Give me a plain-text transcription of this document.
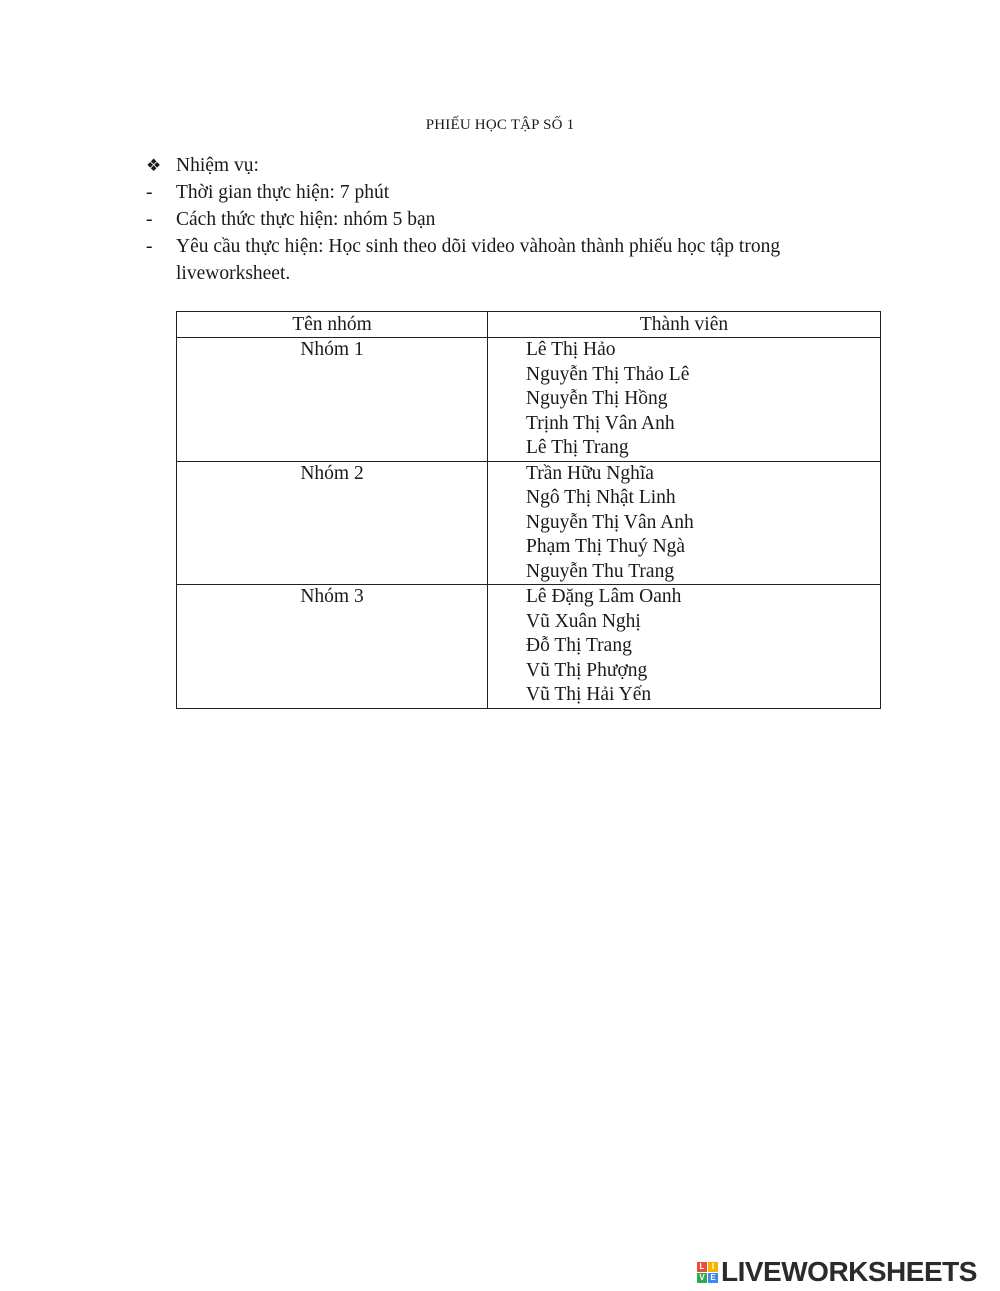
PHIẾU HỌC TẬP SỐ 1
❖ Nhiệm vụ:
-	Thời gian thực hiện: 7 phút
-	Cách thức thực hiện: nhóm 5 bạn
-	Yêu cầu thực hiện: Học sinh theo dõi video vàhoàn thành phiếu học tập trong liveworksheet.
Tên nhóm	Thành viên
Nhóm 1	Lê Thị Hảo
Nguyễn Thị Thảo Lê
Nguyễn Thị Hồng
Trịnh Thị Vân Anh
Lê Thị Trang

Nhóm 2	Trần Hữu Nghĩa
Ngô Thị Nhật Linh
Nguyễn Thị Vân Anh
Phạm Thị Thuý Ngà
Nguyễn Thu Trang

Nhóm 3	Lê Đặng Lâm Oanh
Vũ Xuân Nghị
Đỗ Thị Trang
Vũ Thị Phượng
Vũ Thị Hải Yến
L I
V E LIVEWORKSHEETS
